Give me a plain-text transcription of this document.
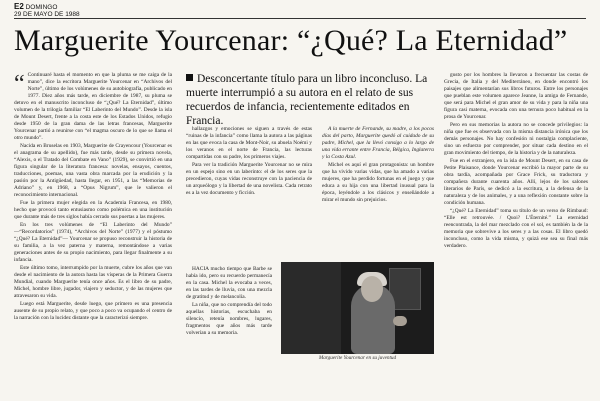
E2 DOMINGO
29 DE MAYO DE 1988
Marguerite Yourcenar: “¿Qué? La Eternidad”

Desconcertante título para un libro inconcluso. La muerte interrumpió a su autora en el relato de sus recuerdos de infancia, recientemente editados en Francia.

“ Continuaré hasta el momento en que la pluma se me caiga de la mano”, dice la escritora Marguerite Yourcenar en “Archivos del Norte”, último de los volúmenes de su autobiografía, publicado en 1977. Diez años más tarde, en diciembre de 1987, su pluma se detuvo en el manuscrito inconcluso de “¿Qué? La Eternidad”, último volumen de la trilogía familiar “El Laberinto del Mundo”. Desde la isla de Mount Desert, frente a la costa este de los Estados Unidos, refugio desde 1950 de la gran dama de las letras francesas, Marguerite Yourcenar partió a reunirse con “el magma oscuro de lo que se llama el otro mundo”.

Nacida en Bruselas en 1903, Marguerite de Crayencour (Yourcenar es el anagrama de su apellido), fue más tarde, desde su primera novela, “Alexis, o el Tratado del Combate en Vano” (1929), se convirtió en una figura singular de la literatura francesa: novelas, ensayos, cuentos, traducciones, poemas, una vasta obra marcada por la erudición y la pasión por la Antigüedad, hasta llegar, en 1951, a las “Memorias de Adriano” y, en 1968, a “Opus Nigrum”, que le valieron el reconocimiento internacional.

Fue la primera mujer elegida en la Academia Francesa, en 1980, hecho que provocó tanto entusiasmo como polémica en una institución que durante más de tres siglos había cerrado sus puertas a las mujeres.

En los tres volúmenes de “El Laberinto del Mundo” —“Recordatorios” (1974), “Archivos del Norte” (1977) y el póstumo “¿Qué? La Eternidad”— Yourcenar se propuso reconstruir la historia de su familia, a la vez paterna y materna, remontándose a varias generaciones antes de su propio nacimiento, para llegar finalmente a su infancia.

Este último tomo, interrumpido por la muerte, cubre los años que van desde el nacimiento de la autora hasta las vísperas de la Primera Guerra Mundial, cuando Marguerite tenía once años. Es el libro de su padre, Michel, hombre libre, jugador, viajero y seductor, y de las mujeres que atravesaron su vida.

Luego está Marguerite, desde luego, que primero es una presencia ausente de su propio relato, y que poco a poco va ocupando el centro de la narración con la lucidez distante que la caracterizó siempre.

hallazgos y emociones se siguen a través de estas “ruinas de la infancia” como llama la autora a las páginas en las que evoca la casa de Mont-Noir, su abuela Noémi y los veranos en el norte de Francia, las lecturas compartidas con su padre, los primeros viajes.

Para ver la tradición Marguerite Yourcenar no se mira en un espejo sino en un laberinto: el de los seres que la precedieron, cuyas vidas reconstruye con la paciencia de un arqueólogo y la libertad de una novelista. Cada retrato es a la vez documento y ficción.

A la muerte de Fernande, su madre, a los pocos días del parto, Marguerite quedó al cuidado de su padre, Michel, que la llevó consigo a lo largo de una vida errante entre Francia, Bélgica, Inglaterra y la Costa Azul.

Michel es aquí el gran protagonista: un hombre que ha vivido varias vidas, que ha amado a varias mujeres, que ha perdido fortunas en el juego y que educa a su hija con una libertad inusual para la época, leyéndole a los clásicos y enseñándole a mirar el mundo sin prejuicios.

gusto por los hombres la llevaron a frecuentar las costas de Grecia, de Italia y del Mediterráneo, en donde encontró los paisajes que alimentarían sus libros futuros. Entre los personajes que pueblan este volumen aparece Jeanne, la amiga de Fernande, que será para Michel el gran amor de su vida y para la niña una figura casi materna, evocada con una ternura poco habitual en la prosa de Yourcenar.

Pero en sus memorias la autora no se concede privilegios: la niña que fue es observada con la misma distancia irónica que los demás personajes. No hay confesión ni nostalgia complaciente, sino un esfuerzo por comprender, por situar cada destino en el gran movimiento del tiempo, de la historia y de la naturaleza.

Fue en el extranjero, en la isla de Mount Desert, en su casa de Petite Plaisance, donde Yourcenar escribió la mayor parte de su obra tardía, acompañada por Grace Frick, su traductora y compañera durante cuarenta años. Allí, lejos de los salones literarios de París, se dedicó a la escritura, a la defensa de la naturaleza y de los animales, y a una reflexión constante sobre la condición humana.

“¿Qué? La Eternidad” toma su título de un verso de Rimbaud: “Elle est retrouvée. / Quoi? L'Éternité.” La eternidad reencontrada, la del mar mezclado con el sol, es también la de la memoria que sobrevive a los seres y a las cosas. El libro quedó inconcluso, como la vida misma, y quizá ese sea su final más verdadero.

HACIA mucho tiempo que Barbe se había ido, pero su recuerdo permanecía en la casa. Michel la evocaba a veces, en las tardes de lluvia, con una mezcla de gratitud y de melancolía.

La niña, que no comprendía del todo aquellas historias, escuchaba en silencio, retenía nombres, lugares, fragmentos que años más tarde volverían a su memoria.

Marguerite Yourcenar en su juventud
